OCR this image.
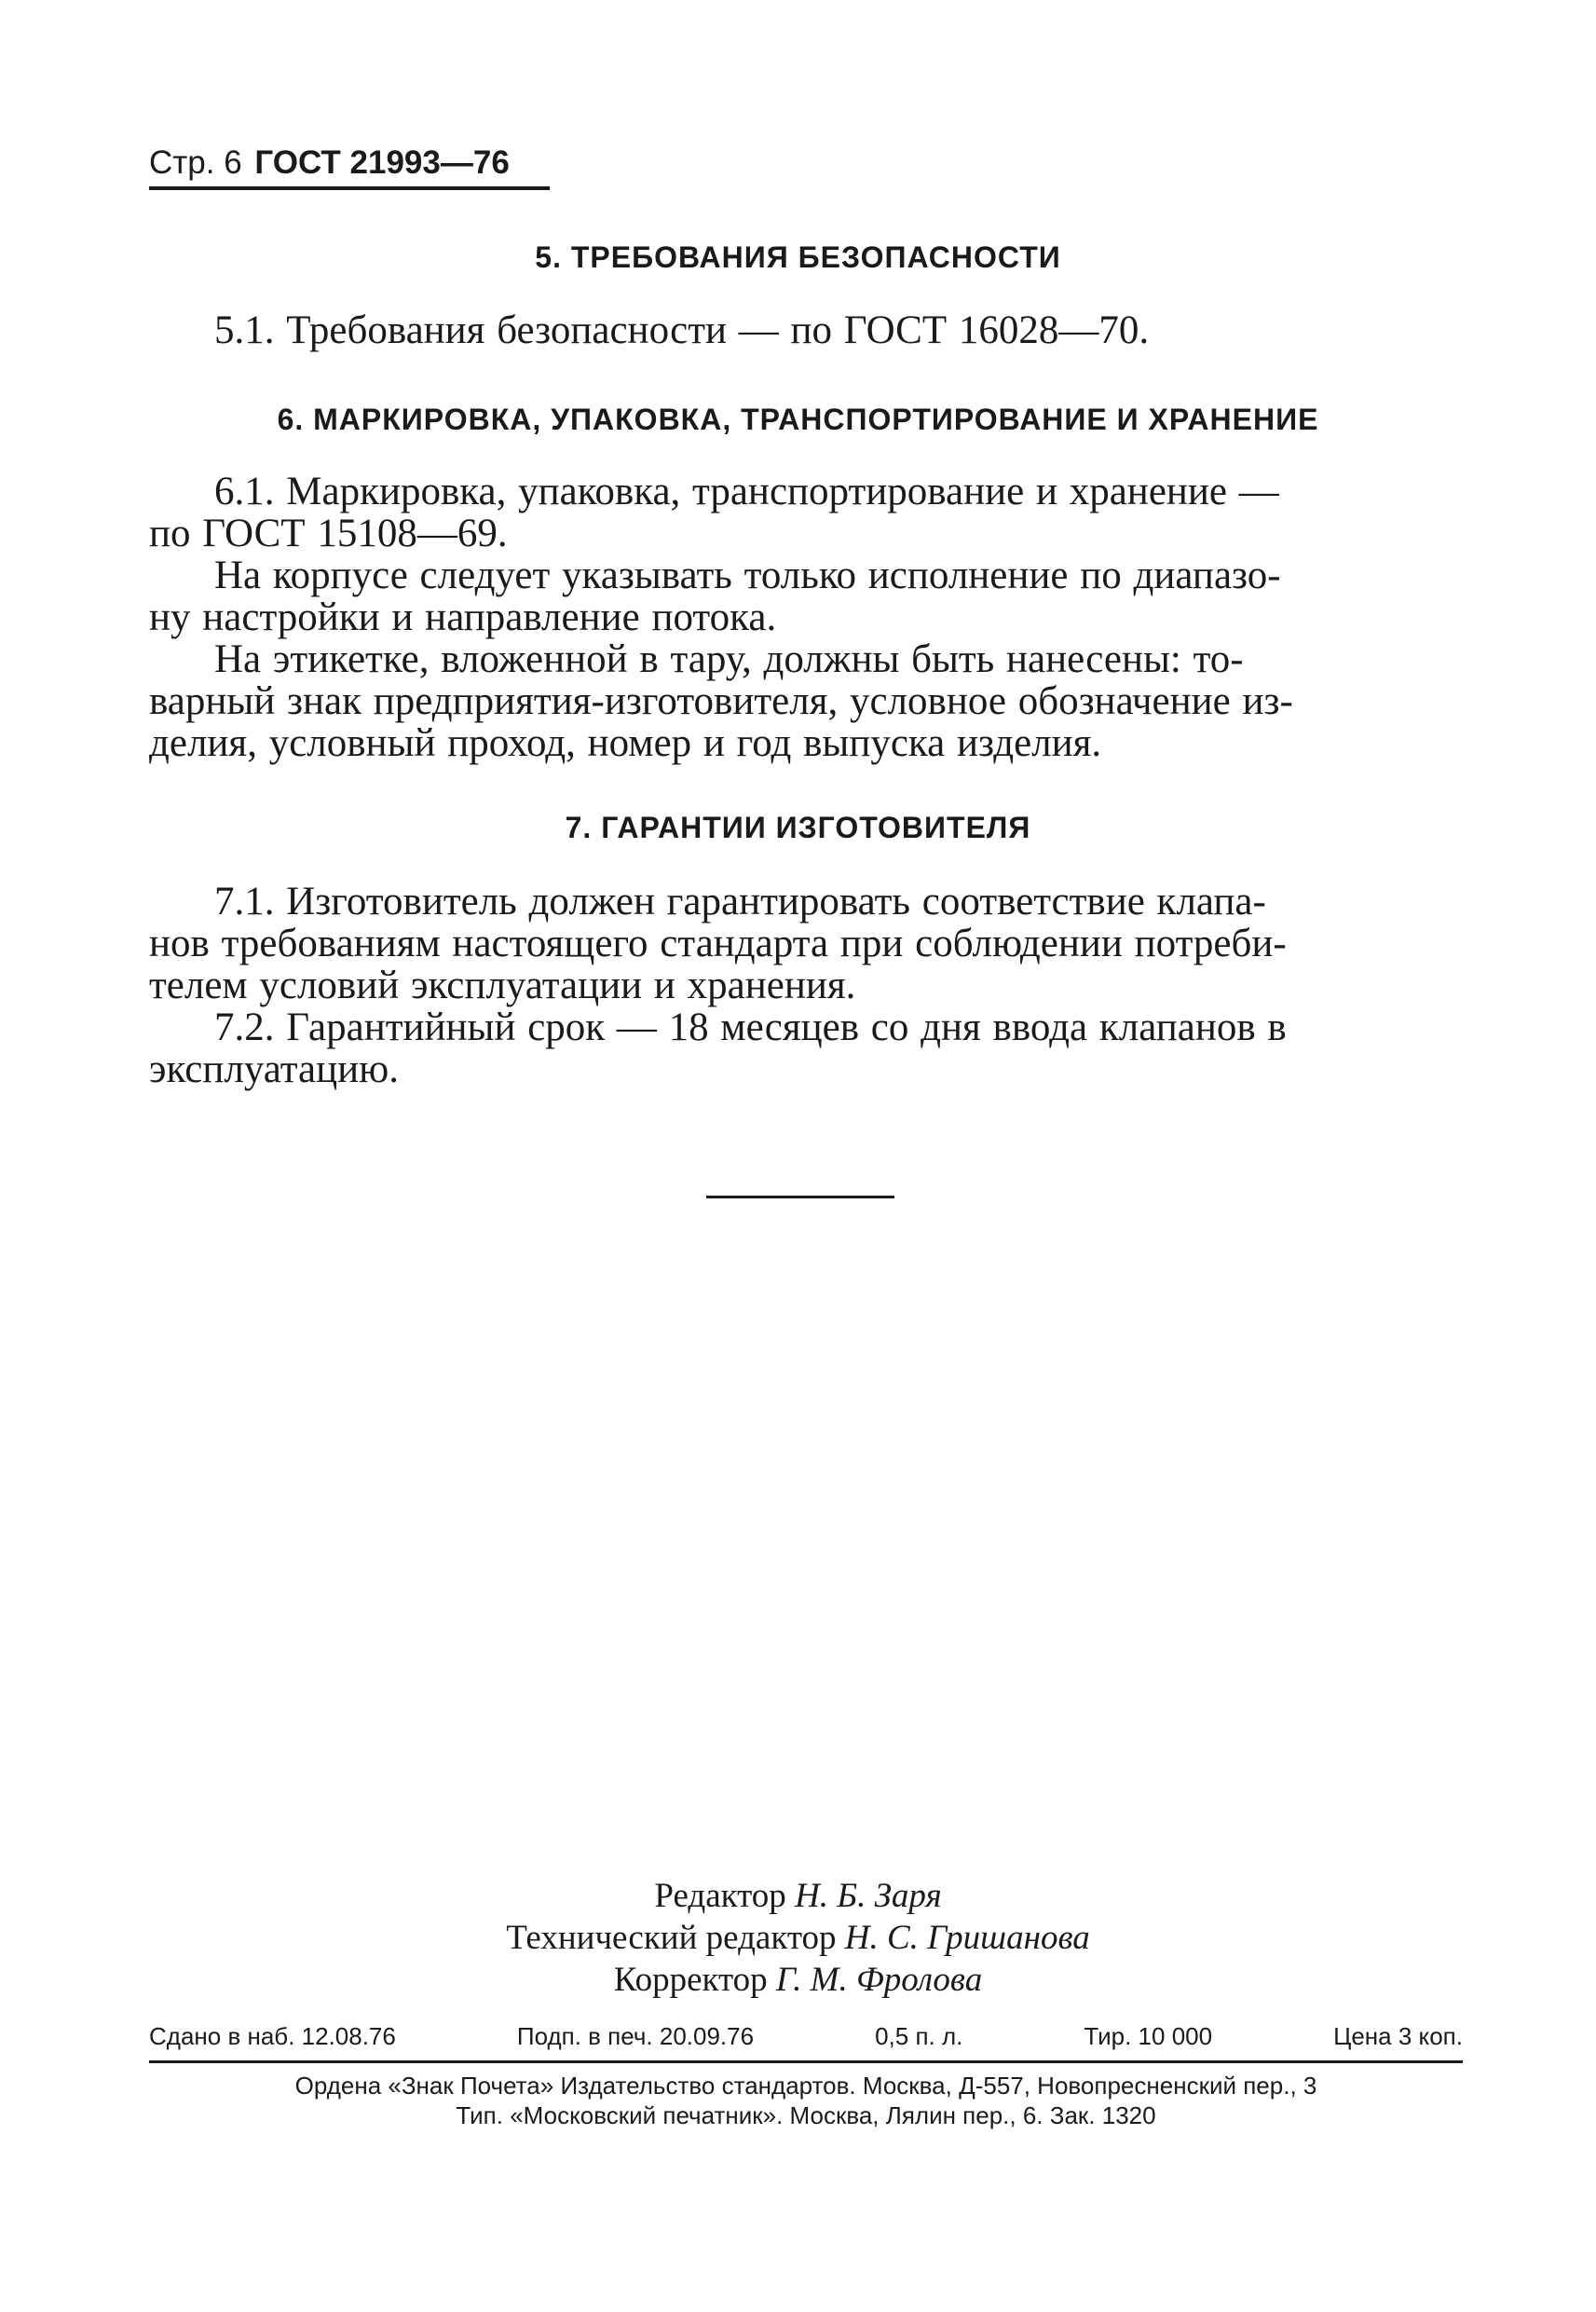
Стр. 6 ГОСТ 21993—76
5. ТРЕБОВАНИЯ БЕЗОПАСНОСТИ

5.1. Требования безопасности — по ГОСТ 16028—70.

6. МАРКИРОВКА, УПАКОВКА, ТРАНСПОРТИРОВАНИЕ И ХРАНЕНИЕ

6.1. Маркировка, упаковка, транспортирование и хранение —
по ГОСТ 15108—69.

На корпусе следует указывать только исполнение по диапазо-
ну настройки и направление потока.

На этикетке, вложенной в тару, должны быть нанесены: то-
варный знак предприятия-изготовителя, условное обозначение из-
делия, условный проход, номер и год выпуска изделия.

7. ГАРАНТИИ ИЗГОТОВИТЕЛЯ

7.1. Изготовитель должен гарантировать соответствие клапа-
нов требованиям настоящего стандарта при соблюдении потреби-
телем условий эксплуатации и хранения.

7.2. Гарантийный срок — 18 месяцев со дня ввода клапанов в
эксплуатацию.

Редактор Н. Б. Заря
Технический редактор Н. С. Гришанова
Корректор Г. М. Фролова
Сдано в наб. 12.08.76	Подп. в печ. 20.09.76	0,5 п. л.	Тир. 10 000	Цена 3 коп.
Ордена «Знак Почета» Издательство стандартов. Москва, Д-557, Новопресненский пер., 3
Тип. «Московский печатник». Москва, Лялин пер., 6. Зак. 1320
